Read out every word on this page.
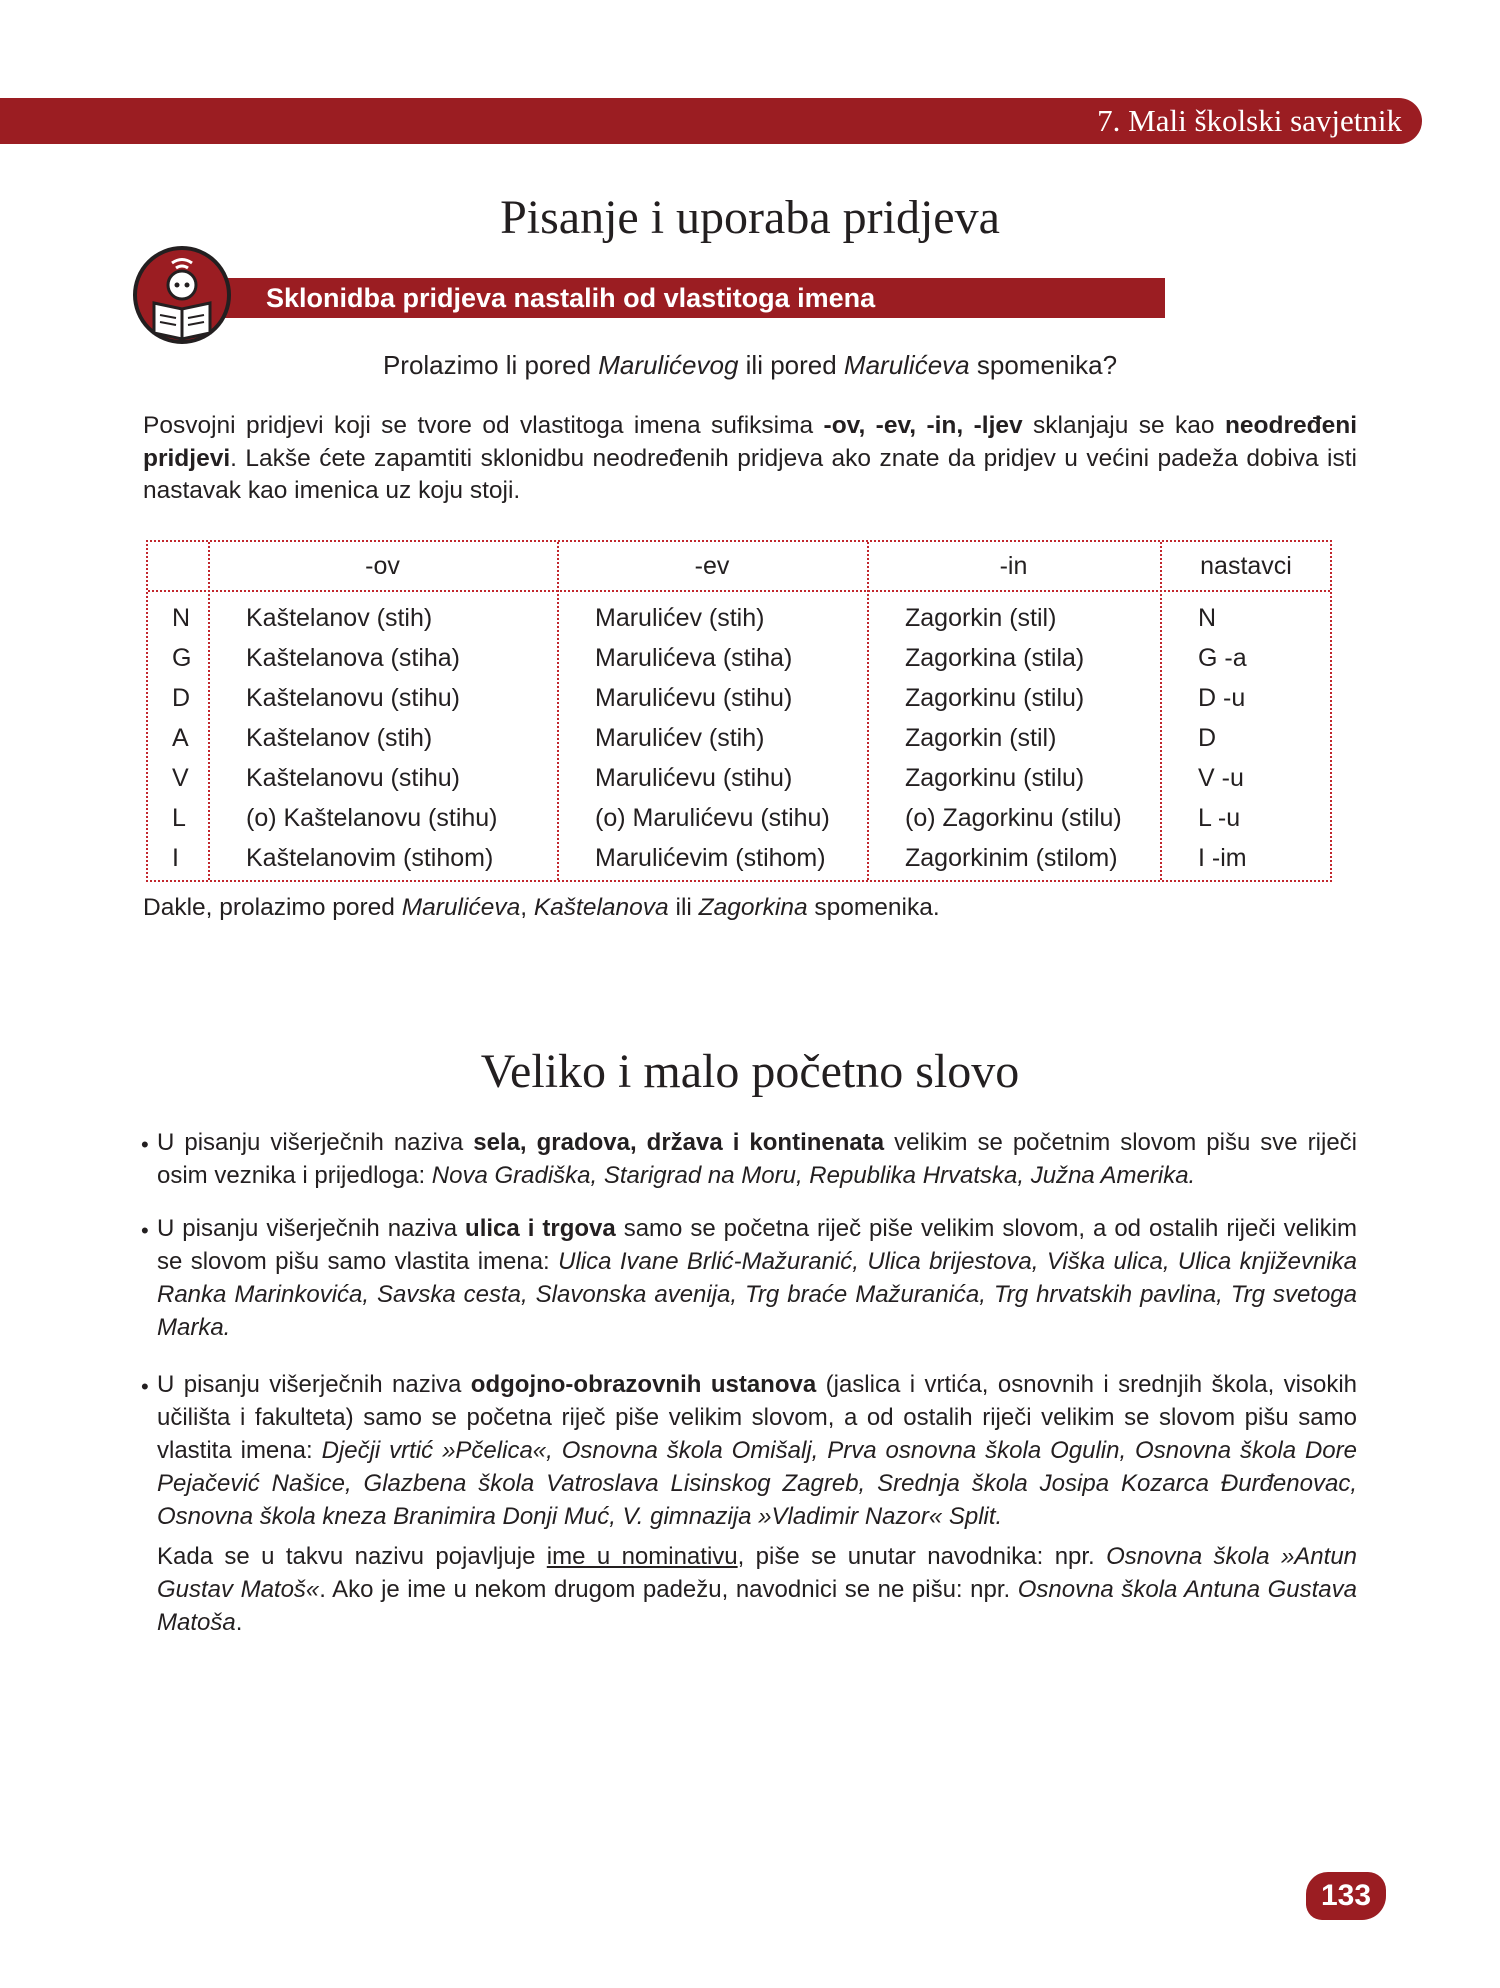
7. Mali školski savjetnik
Pisanje i uporaba pridjeva
Sklonidba pridjeva nastalih od vlastitoga imena
Prolazimo li pored Marulićevog ili pored Marulićeva spomenika?
Posvojni pridjevi koji se tvore od vlastitoga imena sufiksima -ov, -ev, -in, -ljev sklanjaju se kao neodređeni pridjevi. Lakše ćete zapamtiti sklonidbu neodređenih pridjeva ako znate da pridjev u većini padeža dobiva isti nastavak kao imenica uz koju stoji.
-ov	-ev	-in	nastavci
N Kaštelanov (stih)	Marulićev (stih)	Zagorkin (stil)	N
G Kaštelanova (stiha)	Marulićeva (stiha)	Zagorkina (stila)	G -a
D Kaštelanovu (stihu)	Marulićevu (stihu)	Zagorkinu (stilu)	D -u
A Kaštelanov (stih)	Marulićev (stih)	Zagorkin (stil)	D
V Kaštelanovu (stihu)	Marulićevu (stihu)	Zagorkinu (stilu)	V -u
L (o) Kaštelanovu (stihu)	(o) Marulićevu (stihu)	(o) Zagorkinu (stilu)	L -u
I	Kaštelanovim (stihom)	Marulićevim (stihom)	Zagorkinim (stilom)	I -im
Dakle, prolazimo pored Marulićeva, Kaštelanova ili Zagorkina spomenika.
Veliko i malo početno slovo
• U pisanju višerječnih naziva sela, gradova, država i kontinenata velikim se početnim slovom pišu sve riječi osim veznika i prijedloga: Nova Gradiška, Starigrad na Moru, Republika Hrvatska, Južna Amerika.
• U pisanju višerječnih naziva ulica i trgova samo se početna riječ piše velikim slovom, a od ostalih riječi velikim se slovom pišu samo vlastita imena: Ulica Ivane Brlić-Mažuranić, Ulica brijestova, Viška ulica, Ulica književnika Ranka Marinkovića, Savska cesta, Slavonska avenija, Trg braće Mažuranića, Trg hrvatskih pavlina, Trg svetoga Marka.
• U pisanju višerječnih naziva odgojno-obrazovnih ustanova (jaslica i vrtića, osnovnih i srednjih škola, visokih učilišta i fakulteta) samo se početna riječ piše velikim slovom, a od ostalih riječi velikim se slovom pišu samo vlastita imena: Dječji vrtić »Pčelica«, Osnovna škola Omišalj, Prva osnovna škola Ogulin, Osnovna škola Dore Pejačević Našice, Glazbena škola Vatroslava Lisinskog Zagreb, Srednja škola Josipa Kozarca Đurđenovac, Osnovna škola kneza Branimira Donji Muć, V. gimnazija »Vladimir Nazor« Split.
Kada se u takvu nazivu pojavljuje ime u nominativu, piše se unutar navodnika: npr. Osnovna škola »Antun Gustav Matoš«. Ako je ime u nekom drugom padežu, navodnici se ne pišu: npr. Osnovna škola Antuna Gustava Matoša.
133
